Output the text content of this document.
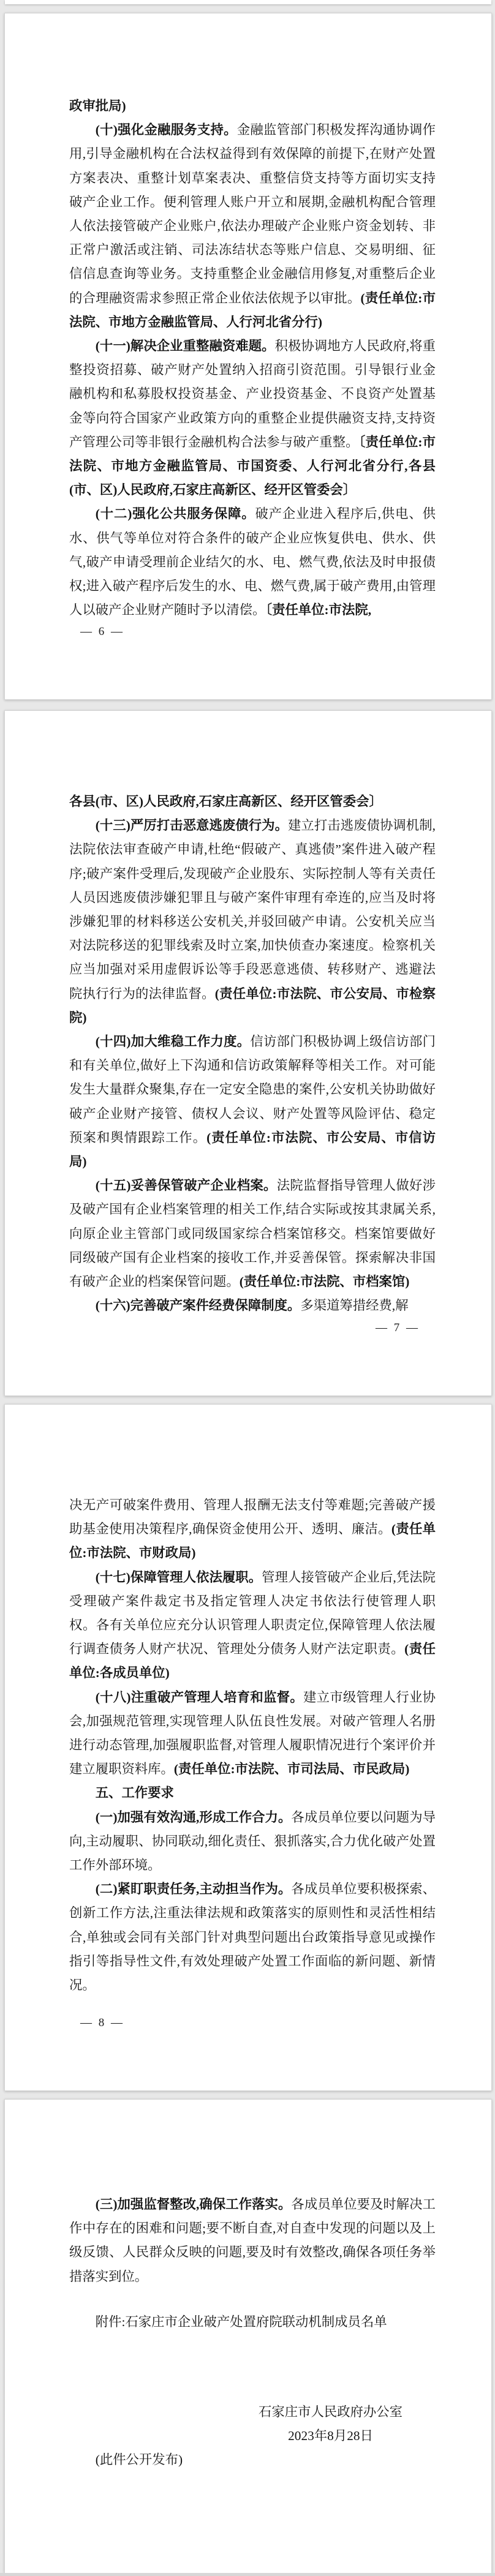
政审批局)

(十)强化金融服务支持。金融监管部门积极发挥沟通协调作用,引导金融机构在合法权益得到有效保障的前提下,在财产处置方案表决、重整计划草案表决、重整信贷支持等方面切实支持破产企业工作。便利管理人账户开立和展期,金融机构配合管理人依法接管破产企业账户,依法办理破产企业账户资金划转、非正常户激活或注销、司法冻结状态等账户信息、交易明细、征信信息查询等业务。支持重整企业金融信用修复,对重整后企业的合理融资需求参照正常企业依法依规予以审批。(责任单位:市法院、市地方金融监管局、人行河北省分行)

(十一)解决企业重整融资难题。积极协调地方人民政府,将重整投资招募、破产财产处置纳入招商引资范围。引导银行业金融机构和私募股权投资基金、产业投资基金、不良资产处置基金等向符合国家产业政策方向的重整企业提供融资支持,支持资产管理公司等非银行金融机构合法参与破产重整。〔责任单位:市法院、市地方金融监管局、市国资委、人行河北省分行,各县(市、区)人民政府,石家庄高新区、经开区管委会〕

(十二)强化公共服务保障。破产企业进入程序后,供电、供水、供气等单位对符合条件的破产企业应恢复供电、供水、供气,破产申请受理前企业结欠的水、电、燃气费,依法及时申报债权;进入破产程序后发生的水、电、燃气费,属于破产费用,由管理人以破产企业财产随时予以清偿。〔责任单位:市法院,

— 6 —

各县(市、区)人民政府,石家庄高新区、经开区管委会〕

(十三)严厉打击恶意逃废债行为。建立打击逃废债协调机制,法院依法审查破产申请,杜绝“假破产、真逃债”案件进入破产程序;破产案件受理后,发现破产企业股东、实际控制人等有关责任人员因逃废债涉嫌犯罪且与破产案件审理有牵连的,应当及时将涉嫌犯罪的材料移送公安机关,并驳回破产申请。公安机关应当对法院移送的犯罪线索及时立案,加快侦查办案速度。检察机关应当加强对采用虚假诉讼等手段恶意逃债、转移财产、逃避法院执行行为的法律监督。(责任单位:市法院、市公安局、市检察院)

(十四)加大维稳工作力度。信访部门积极协调上级信访部门和有关单位,做好上下沟通和信访政策解释等相关工作。对可能发生大量群众聚集,存在一定安全隐患的案件,公安机关协助做好破产企业财产接管、债权人会议、财产处置等风险评估、稳定预案和舆情跟踪工作。(责任单位:市法院、市公安局、市信访局)

(十五)妥善保管破产企业档案。法院监督指导管理人做好涉及破产国有企业档案管理的相关工作,结合实际或按其隶属关系,向原企业主管部门或同级国家综合档案馆移交。档案馆要做好同级破产国有企业档案的接收工作,并妥善保管。探索解决非国有破产企业的档案保管问题。(责任单位:市法院、市档案馆)

(十六)完善破产案件经费保障制度。多渠道筹措经费,解

— 7 —

决无产可破案件费用、管理人报酬无法支付等难题;完善破产援助基金使用决策程序,确保资金使用公开、透明、廉洁。(责任单位:市法院、市财政局)

(十七)保障管理人依法履职。管理人接管破产企业后,凭法院受理破产案件裁定书及指定管理人决定书依法行使管理人职权。各有关单位应充分认识管理人职责定位,保障管理人依法履行调查债务人财产状况、管理处分债务人财产法定职责。(责任单位:各成员单位)

(十八)注重破产管理人培育和监督。建立市级管理人行业协会,加强规范管理,实现管理人队伍良性发展。对破产管理人名册进行动态管理,加强履职监督,对管理人履职情况进行个案评价并建立履职资料库。(责任单位:市法院、市司法局、市民政局)

五、工作要求

(一)加强有效沟通,形成工作合力。各成员单位要以问题为导向,主动履职、协同联动,细化责任、狠抓落实,合力优化破产处置工作外部环境。

(二)紧盯职责任务,主动担当作为。各成员单位要积极探索、创新工作方法,注重法律法规和政策落实的原则性和灵活性相结合,单独或会同有关部门针对典型问题出台政策指导意见或操作指引等指导性文件,有效处理破产处置工作面临的新问题、新情况。

— 8 —

(三)加强监督整改,确保工作落实。各成员单位要及时解决工作中存在的困难和问题;要不断自查,对自查中发现的问题以及上级反馈、人民群众反映的问题,要及时有效整改,确保各项任务举措落实到位。

附件:石家庄市企业破产处置府院联动机制成员名单

石家庄市人民政府办公室
2023年8月28日

(此件公开发布)
